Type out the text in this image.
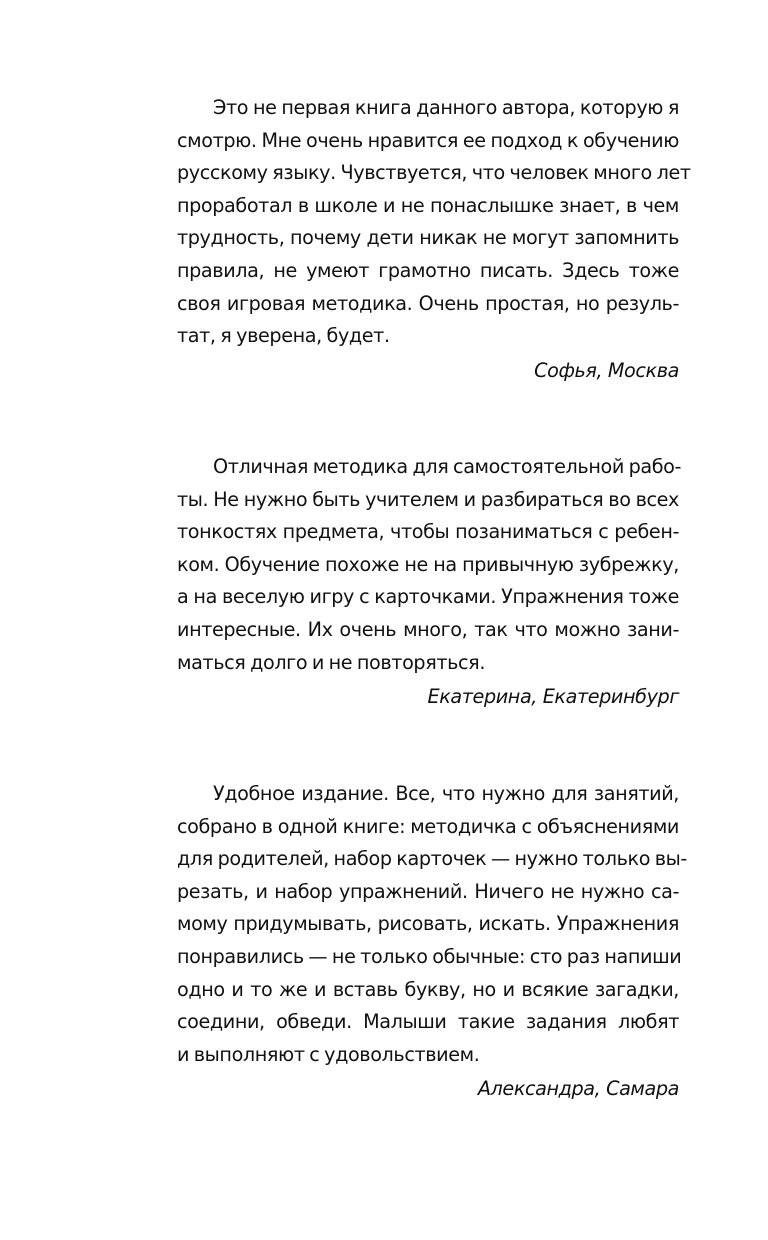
Это не первая книга данного автора, которую я
смотрю. Мне очень нравится ее подход к обучению
русскому языку. Чувствуется, что человек много лет
проработал в школе и не понаслышке знает, в чем
трудность, почему дети никак не могут запомнить
правила, не умеют грамотно писать. Здесь тоже
своя игровая методика. Очень простая, но резуль-
тат, я уверена, будет.
Софья, Москва
Отличная методика для самостоятельной рабо-
ты. Не нужно быть учителем и разбираться во всех
тонкостях предмета, чтобы позаниматься с ребен-
ком. Обучение похоже не на привычную зубрежку,
а на веселую игру с карточками. Упражнения тоже
интересные. Их очень много, так что можно зани-
маться долго и не повторяться.
Екатерина, Екатеринбург
Удобное издание. Все, что нужно для занятий,
собрано в одной книге: методичка с объяснениями
для родителей, набор карточек — нужно только вы-
резать, и набор упражнений. Ничего не нужно са-
мому придумывать, рисовать, искать. Упражнения
понравились — не только обычные: сто раз напиши
одно и то же и вставь букву, но и всякие загадки,
соедини, обведи. Малыши такие задания любят
и выполняют с удовольствием.
Александра, Самара
